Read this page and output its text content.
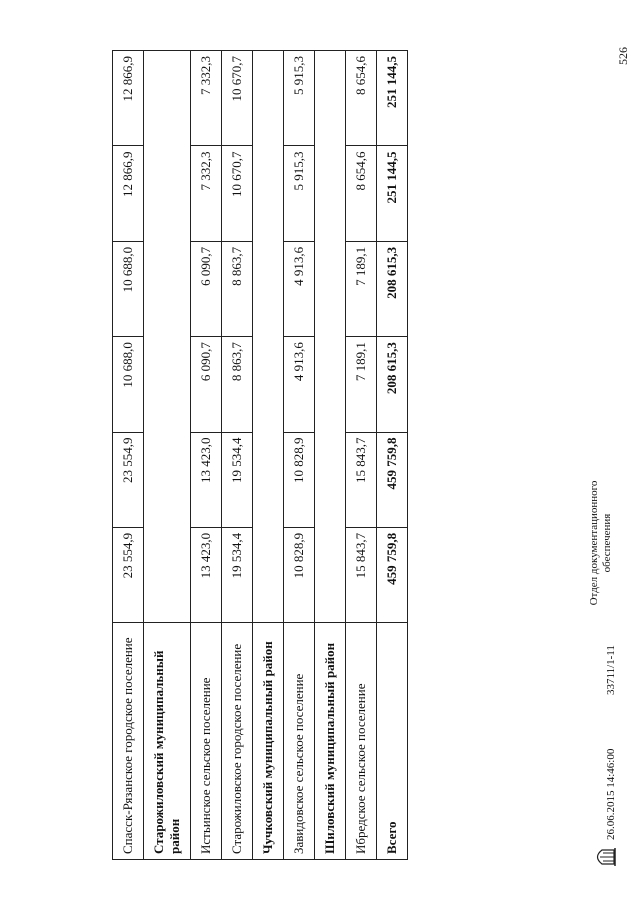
526
Спасск-Рязанское городское поселение	23 554,9	23 554,9	10 688,0	10 688,0	12 866,9	12 866,9
Старожиловский муниципальный район						
Истьинское сельское поселение	13 423,0	13 423,0	6 090,7	6 090,7	7 332,3	7 332,3
Старожиловское городское поселение	19 534,4	19 534,4	8 863,7	8 863,7	10 670,7	10 670,7
Чучковский муниципальный район						
Завидовское сельское поселение	10 828,9	10 828,9	4 913,6	4 913,6	5 915,3	5 915,3
Шиловский муниципальный район						
Ибредское сельское поселение	15 843,7	15 843,7	7 189,1	7 189,1	8 654,6	8 654,6
Всего	459 759,8	459 759,8	208 615,3	208 615,3	251 144,5	251 144,5
26.06.2015 14:46:00
33711/1-11
Отдел документационного обеспечения
